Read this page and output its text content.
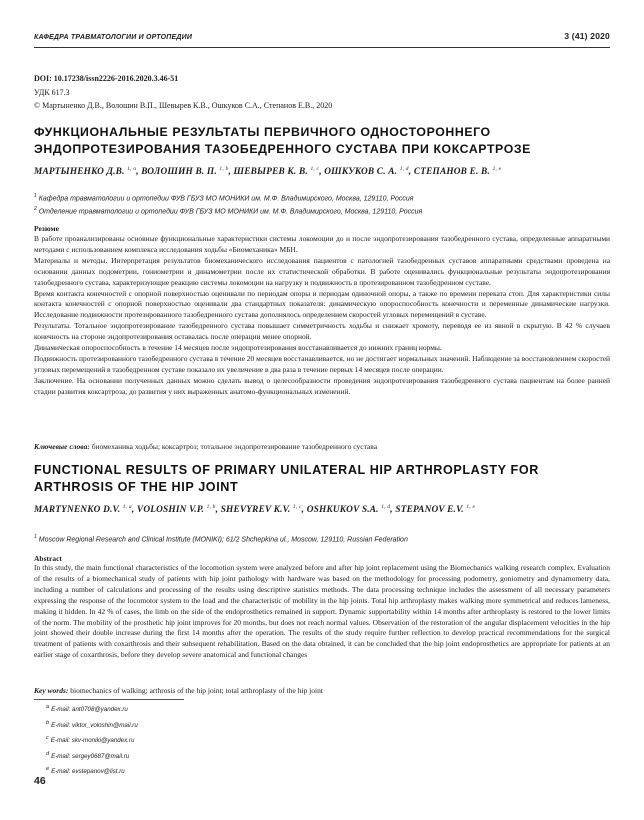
КАФЕДРА ТРАВМАТОЛОГИИ И ОРТОПЕДИИ	3 (41) 2020
DOI: 10.17238/issn2226-2016.2020.3.46-51
УДК 617.3
© Мартыненко Д.В., Волошин В.П., Шевырев К.В., Ошкуков С.А., Степанов Е.В., 2020
ФУНКЦИОНАЛЬНЫЕ РЕЗУЛЬТАТЫ ПЕРВИЧНОГО ОДНОСТОРОННЕГО ЭНДОПРОТЕЗИРОВАНИЯ ТАЗОБЕДРЕННОГО СУСТАВА ПРИ КОКСАРТРОЗЕ
МАРТЫНЕНКО Д.В. $^{1, а}$, ВОЛОШИН В. П. $^{1, b}$, ШЕВЫРЕВ К. В. $^{1, c}$, ОШКУКОВ С. А. $^{1, d}$, СТЕПАНОВ Е. В. $^{2, e}$
$^1$ Кафедра травматологии и ортопедии ФУВ ГБУЗ МО МОНИКИ им. М.Ф. Владимирского, Москва, 129110, Россия
$^2$ Отделение травматологии и ортопедии ФУВ ГБУЗ МО МОНИКИ им. М.Ф. Владимирского, Москва, 129110, Россия
Резюме

В работе проанализированы основные функциональные характеристики системы локомоции до и после эндопротезирования тазобедренного сустава, определенные аппаратными методами с использованием комплекса исследования ходьбы «Биомеханика» МБН.

Материалы и методы. Интерпретация результатов биомеханического исследования пациентов с патологией тазобедренных суставов аппаратными средствами проведена на основании данных подометрии, гониометрии и динамометрии после их статистической обработки. В работе оценивались функциональные результаты эндопротезирования тазобедренного сустава, характеризующие реакцию системы локомоции на нагрузку и подвижность в протезированном тазобедренном суставе.

Время контакта конечностей с опорной поверхностью оценивали по периодам опоры и периодам одиночной опоры, а также по времени переката стоп. Для характеристики силы контакта конечностей с опорной поверхностью оценивали два стандартных показателя: динамическую опороспособность конечности и переменные динамические нагрузки. Исследование подвижности протезированного тазобедренного сустава дополнялось определением скоростей угловых перемещений в суставе.

Результаты. Тотальное эндопротезирование тазобедренного сустава повышает симметричность ходьбы и снижает хромоту, переводя ее из явной в скрытую. В 42 % случаев конечность на стороне эндопротезирования оставалась после операции менее опорной.

Динамическая опороспособность в течение 14 месяцев после эндопротезирования восстанавливается до нижних границ нормы.

Подвижность протезированного тазобедренного сустава в течение 20 месяцев восстанавливается, но не достигает нормальных значений. Наблюдение за восстановлением скоростей угловых перемещений в тазобедренном суставе показало их увеличение в два раза в течение первых 14 месяцев после операции.

Заключение. На основании полученных данных можно сделать вывод о целесообразности проведения эндопротезирования тазобедренного сустава пациентам на более ранней стадии развития коксартроза, до развития у них выраженных анатомо-функциональных изменений.

Ключевые слова: биомеханика ходьбы; коксартроз; тотальное эндопротезирование тазобедренного сустава
FUNCTIONAL RESULTS OF PRIMARY UNILATERAL HIP ARTHROPLASTY FOR ARTHROSIS OF THE HIP JOINT
MARTYNENKO D.V. $^{1, a}$, VOLOSHIN V.P. $^{1, b}$, SHEVYREV K.V. $^{1, c}$, OSHKUKOV S.A. $^{1, d}$, STEPANOV E.V. $^{1, e}$
$^1$ Moscow Regional Research and Clinical Institute (MONIKI); 61/2 Shchepkina ul., Moscow, 129110, Russian Federation
Abstract

In this study, the main functional characteristics of the locomotion system were analyzed before and after hip joint replacement using the Biomechanics walking research complex. Evaluation of the results of a biomechanical study of patients with hip joint pathology with hardware was based on the methodology for processing podometry, goniometry and dynamometry data, including a number of calculations and processing of the results using descriptive statistics methods. The data processing technique includes the assessment of all necessary parameters expressing the response of the locomotor system to the load and the characteristic of mobility in the hip joints. Total hip arthroplasty makes walking more symmetrical and reduces lameness, making it hidden. In 42 % of cases, the limb on the side of the endoprosthetics remained in support. Dynamic supportability within 14 months after arthroplasty is restored to the lower limits of the norm. The mobility of the prosthetic hip joint improves for 20 months, but does not reach normal values. Observation of the restoration of the angular displacement velocities in the hip joint showed their double increase during the first 14 months after the operation. The results of the study require further reflection to develop practical recommendations for the surgical treatment of patients with coxarthrosis and their subsequent rehabilitation. Based on the data obtained, it can be concluded that the hip joint endoprosthetics are appropriate for patients at an earlier stage of coxarthrosis, before they develop severe anatomical and functional changes

Key words: biomechanics of walking; arthrosis of the hip joint; total arthroplasty of the hip joint
$^a$ E-mail: ant0708@yandex.ru
$^b$ E-mail: viktor_voloshin@mail.ru
$^c$ E-mail: skv-moniki@yandex.ru
$^d$ E-mail: sergey0687@mail.ru
$^e$ E-mail: evstepanov@list.ru
46
